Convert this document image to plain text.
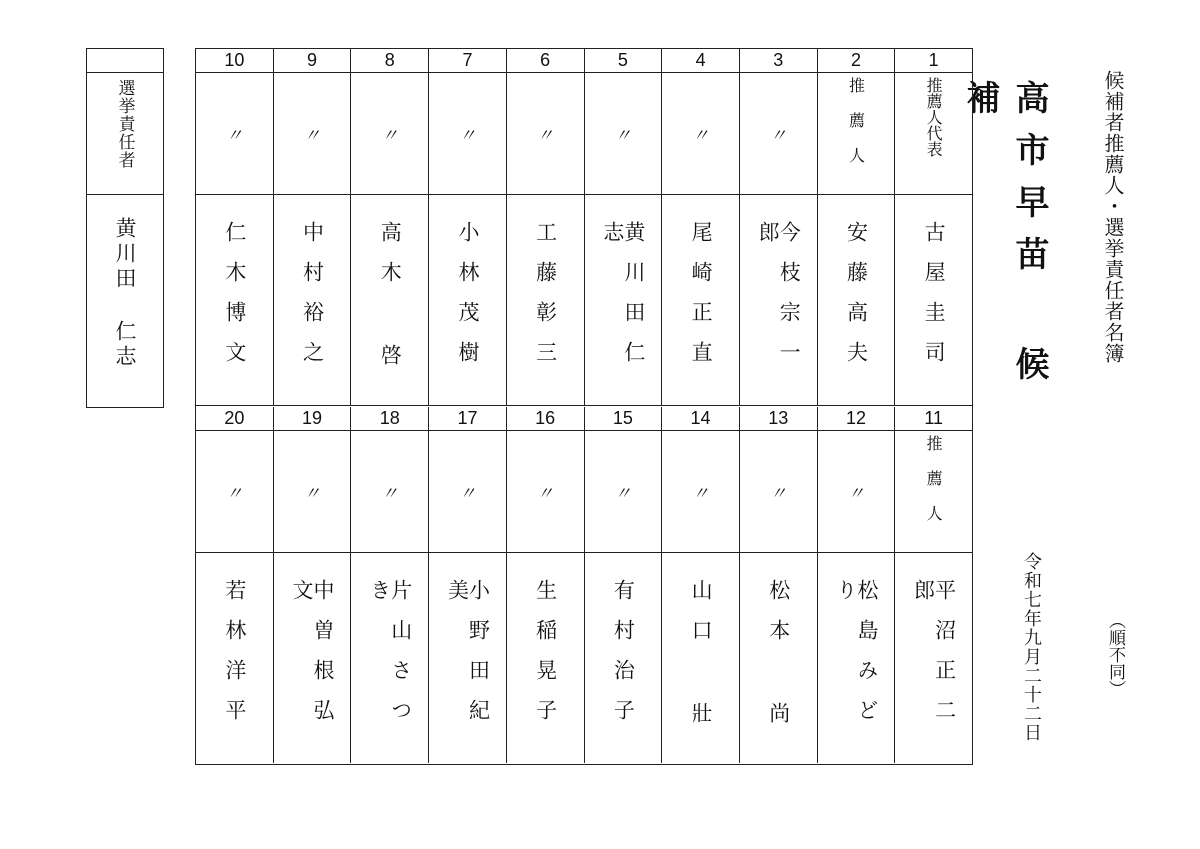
候補者推薦人・選挙責任者名簿
（順不同）
高市早苗 候補
令和七年九月二十二日
選挙責任者
黄川田 仁志
10	9	8	7	6	5	4	3	2	1
〃	〃	〃	〃	〃	〃	〃	〃	推 薦 人	推薦人代表
仁木博文	中村裕之	高木 啓	小林茂樹	工藤彰三	黄川田仁志	尾崎正直	今枝宗一郎	安藤高夫	古屋圭司
20	19	18	17	16	15	14	13	12	11
〃	〃	〃	〃	〃	〃	〃	〃	〃	推 薦 人
若林洋平	中曽根弘文	片山さつき	小野田紀美	生稲晃子	有村治子	山口 壯	松本 尚	松島みどり	平沼正二郎
